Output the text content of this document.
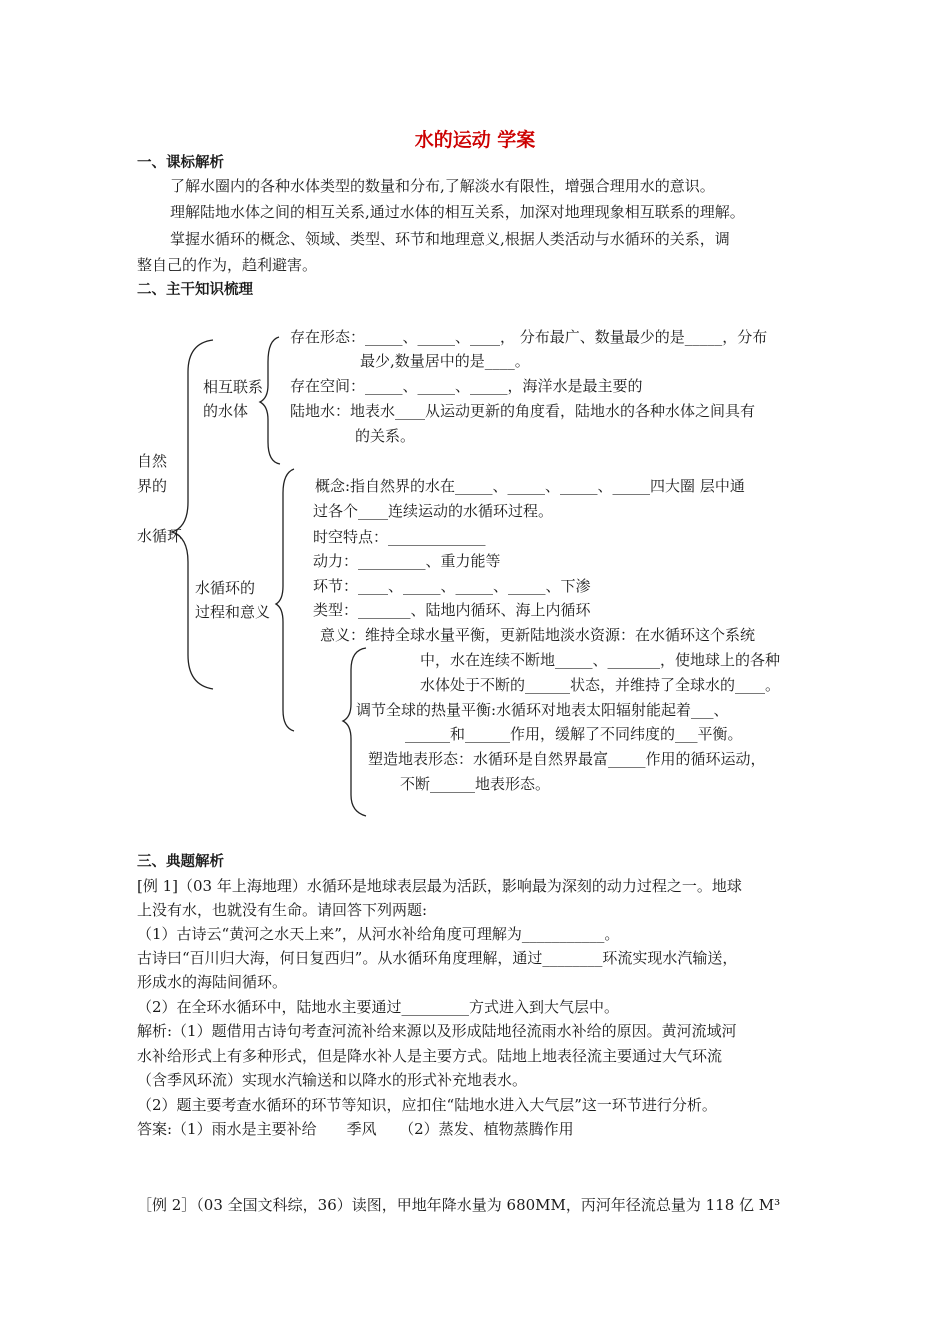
水的运动 学案
一、课标解析
了解水圈内的各种水体类型的数量和分布,了解淡水有限性，增强合理用水的意识。
理解陆地水体之间的相互关系,通过水体的相互关系，加深对地理现象相互联系的理解。
掌握水循环的概念、领域、类型、环节和地理意义,根据人类活动与水循环的关系，调
整自己的作为，趋利避害。
二、主干知识梳理
自然
界的
水循环
相互联系
的水体
水循环的
过程和意义
存在形态：_____、_____、____， 分布最广、数量最少的是_____，分布
最少,数量居中的是____。
存在空间：_____、_____、_____，海洋水是最主要的
陆地水：地表水____从运动更新的角度看，陆地水的各种水体之间具有
的关系。
概念:指自然界的水在_____、_____、_____、_____四大圈 层中通
过各个____连续运动的水循环过程。
时空特点：_____________
动力：_________、重力能等
环节：____、_____、_____、_____、下渗
类型：_______、陆地内循环、海上内循环
意义：维持全球水量平衡，更新陆地淡水资源：在水循环这个系统
中，水在连续不断地_____、_______，使地球上的各种
水体处于不断的______状态，并维持了全球水的____。
调节全球的热量平衡:水循环对地表太阳辐射能起着___、
______和______作用，缓解了不同纬度的___平衡。
塑造地表形态：水循环是自然界最富_____作用的循环运动，
不断______地表形态。
三、典题解析
[例 1]（03 年上海地理）水循环是地球表层最为活跃，影响最为深刻的动力过程之一。地球
上没有水，也就没有生命。请回答下列两题:
（1）古诗云“黄河之水天上来”，从河水补给角度可理解为___________。
古诗曰“百川归大海，何日复西归”。从水循环角度理解，通过________环流实现水汽输送，
形成水的海陆间循环。
（2）在全环水循环中，陆地水主要通过_________方式进入到大气层中。
解析:（1）题借用古诗句考查河流补给来源以及形成陆地径流雨水补给的原因。黄河流域河
水补给形式上有多种形式，但是降水补人是主要方式。陆地上地表径流主要通过大气环流
（含季风环流）实现水汽输送和以降水的形式补充地表水。
（2）题主要考查水循环的环节等知识，应扣住“陆地水进入大气层”这一环节进行分析。
答案:（1）雨水是主要补给　　季风　　（2）蒸发、植物蒸腾作用
［例 2］（03 全国文科综，36）读图，甲地年降水量为 680MM，丙河年径流总量为 118 亿 M³
